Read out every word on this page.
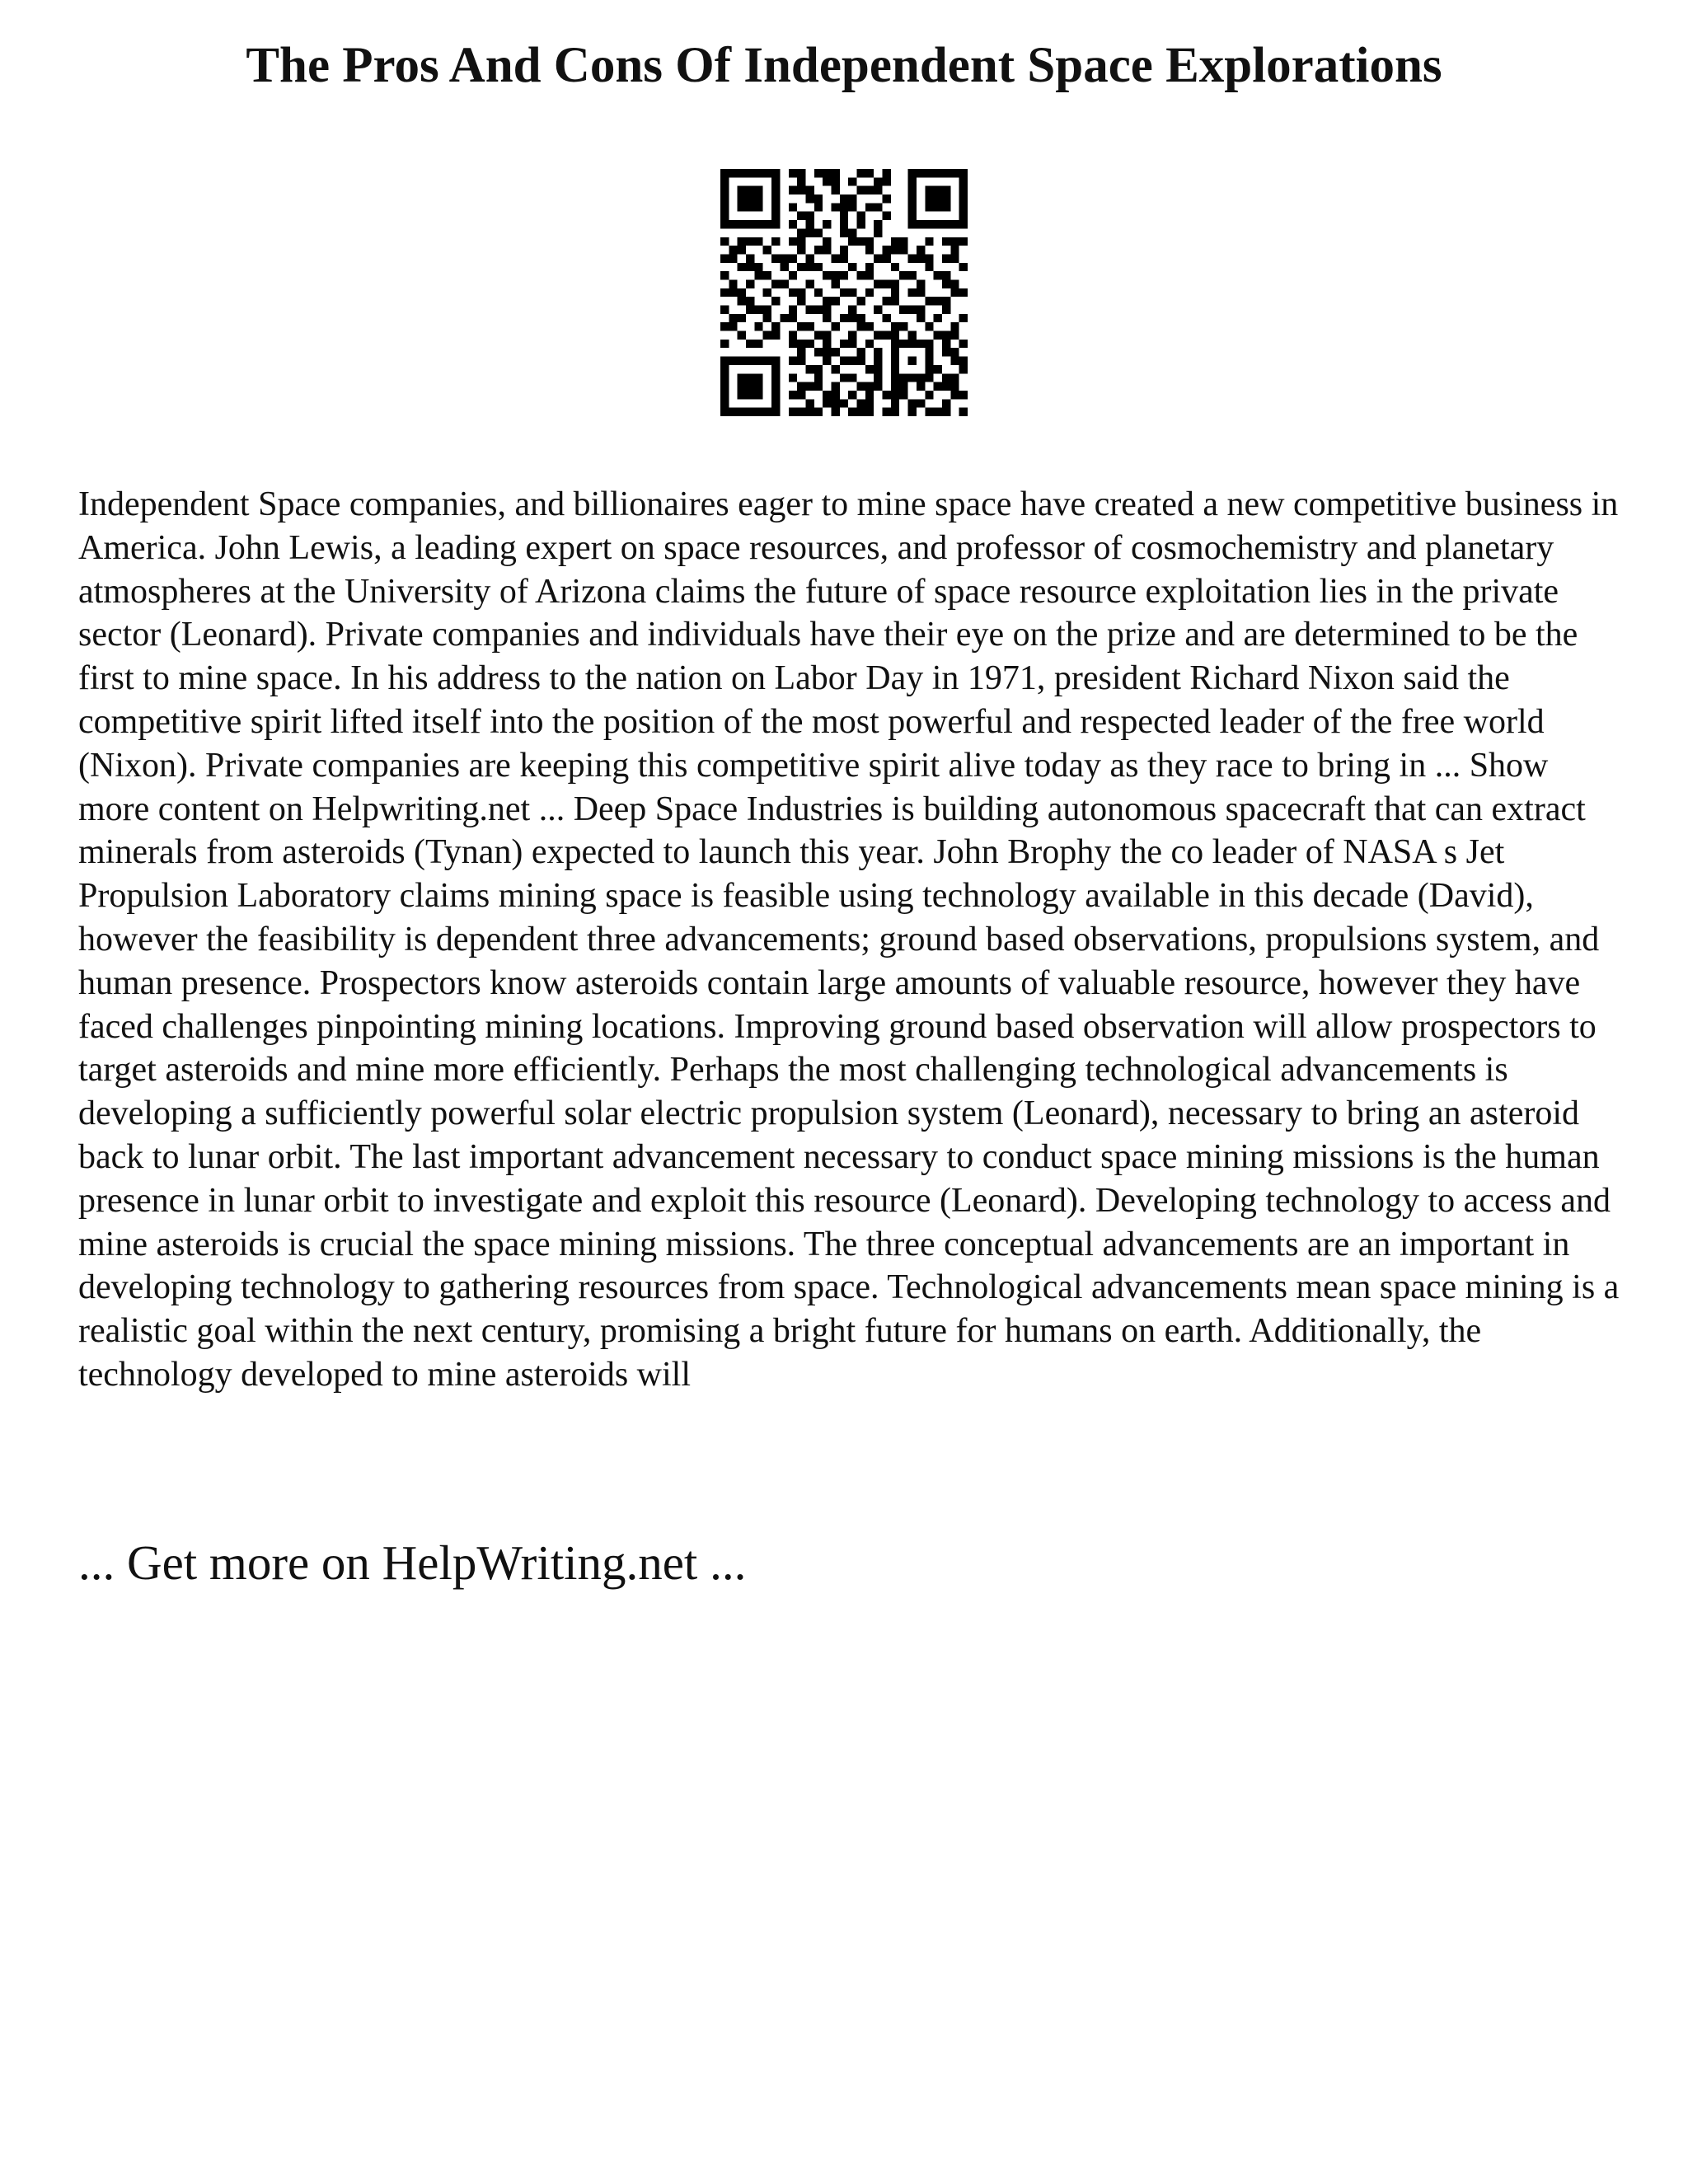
The Pros And Cons Of Independent Space Explorations

Independent Space companies, and billionaires eager to mine space have created a new competitive business in America. John Lewis, a leading expert on space resources, and professor of cosmochemistry and planetary atmospheres at the University of Arizona claims the future of space resource exploitation lies in the private sector (Leonard). Private companies and individuals have their eye on the prize and are determined to be the first to mine space. In his address to the nation on Labor Day in 1971, president Richard Nixon said the competitive spirit lifted itself into the position of the most powerful and respected leader of the free world (Nixon). Private companies are keeping this competitive spirit alive today as they race to bring in ... Show more content on Helpwriting.net ... Deep Space Industries is building autonomous spacecraft that can extract minerals from asteroids (Tynan) expected to launch this year. John Brophy the co leader of NASA s Jet Propulsion Laboratory claims mining space is feasible using technology available in this decade (David), however the feasibility is dependent three advancements; ground based observations, propulsions system, and human presence. Prospectors know asteroids contain large amounts of valuable resource, however they have faced challenges pinpointing mining locations. Improving ground based observation will allow prospectors to target asteroids and mine more efficiently. Perhaps the most challenging technological advancements is developing a sufficiently powerful solar electric propulsion system (Leonard), necessary to bring an asteroid back to lunar orbit. The last important advancement necessary to conduct space mining missions is the human presence in lunar orbit to investigate and exploit this resource (Leonard). Developing technology to access and mine asteroids is crucial the space mining missions. The three conceptual advancements are an important in developing technology to gathering resources from space. Technological advancements mean space mining is a realistic goal within the next century, promising a bright future for humans on earth. Additionally, the technology developed to mine asteroids will

... Get more on HelpWriting.net ...
